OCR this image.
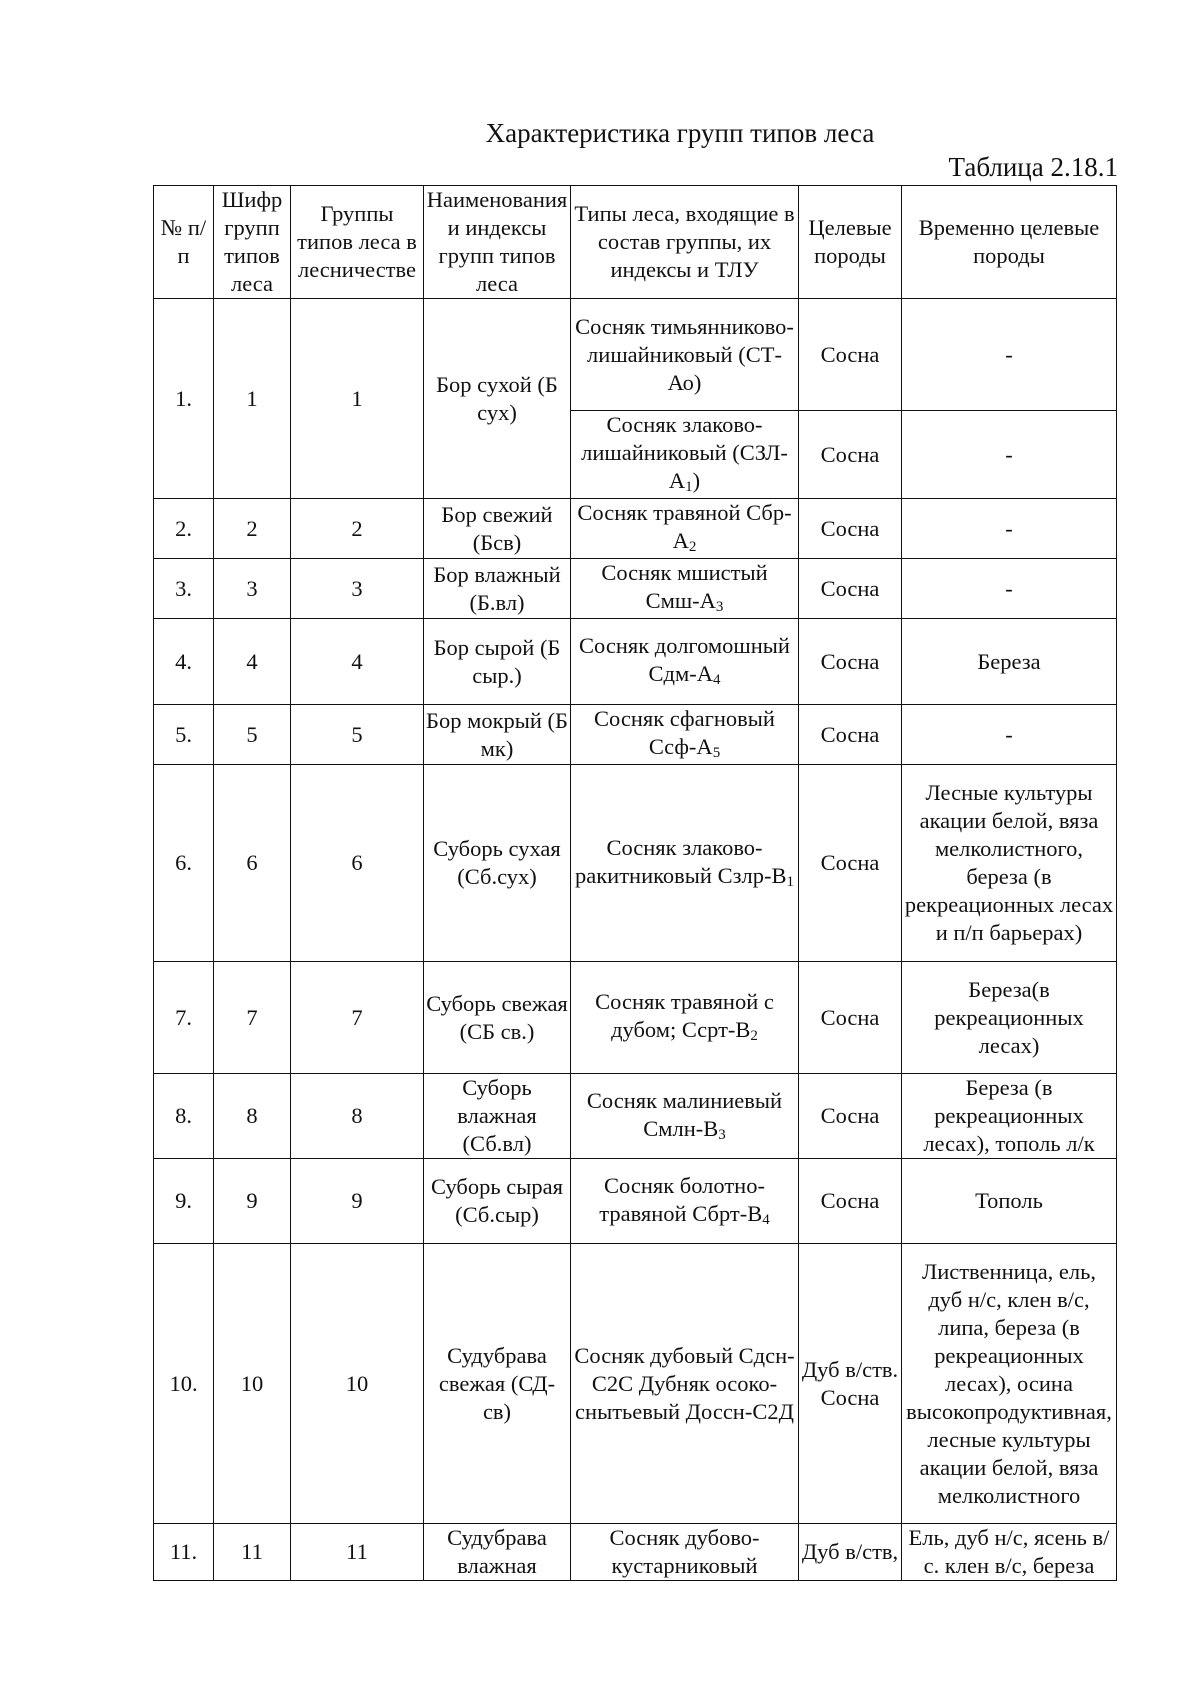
Характеристика групп типов леса
Таблица 2.18.1
№ п/п	Шифр групп типов леса	Группы типов леса в лесничестве	Наименования и индексы групп типов леса	Типы леса, входящие в состав группы, их индексы и ТЛУ	Целевые породы	Временно целевые породы
1.	1	1	Бор сухой (Б сух)	Сосняк тимьянниково-лишайниковый (СТ-Ао)	Сосна	-
				Сосняк злаково-лишайниковый (СЗЛ-А1)	Сосна	-
2.	2	2	Бор свежий (Бсв)	Сосняк травяной Сбр-А2	Сосна	-
3.	3	3	Бор влажный (Б.вл)	Сосняк мшистый Смш-А3	Сосна	-
4.	4	4	Бор сырой (Б сыр.)	Сосняк долгомошный Сдм-А4	Сосна	Береза
5.	5	5	Бор мокрый (Б мк)	Сосняк сфагновый Ссф-А5	Сосна	-
6.	6	6	Суборь сухая (Сб.сух)	Сосняк злаково-ракитниковый Сзлр-В1	Сосна	Лесные культуры акации белой, вяза мелколистного, береза (в рекреационных лесах и п/п барьерах)
7.	7	7	Суборь свежая (СБ св.)	Сосняк травяной с дубом; Ссрт-В2	Сосна	Береза(в рекреационных лесах)
8.	8	8	Суборь влажная (Сб.вл)	Сосняк малиниевый Смлн-В3	Сосна	Береза (в рекреационных лесах), тополь л/к
9.	9	9	Суборь сырая (Сб.сыр)	Сосняк болотно-травяной Сбрт-В4	Сосна	Тополь
10.	10	10	Судубрава свежая (СД-св)	Сосняк дубовый Сдсн-С2С Дубняк осоко-снытьевый Доссн-С2Д	Дуб в/ств. Сосна	Лиственница, ель, дуб н/с, клен в/с, липа, береза (в рекреационных лесах), осина высокопродуктивная, лесные культуры акации белой, вяза мелколистного
11.	11	11	Судубрава влажная	Сосняк дубово-кустарниковый	Дуб в/ств,	Ель, дуб н/с, ясень в/с. клен в/с, береза
